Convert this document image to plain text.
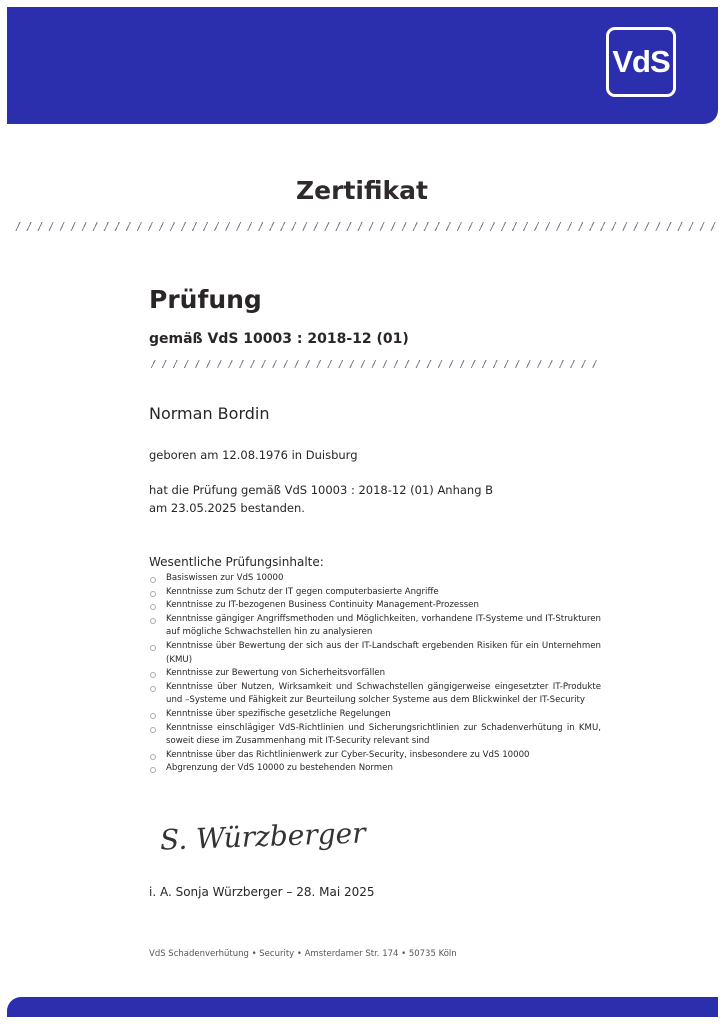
VdS
Zertifikat
Prüfung
gemäß VdS 10003 : 2018-12 (01)
Norman Bordin
geboren am 12.08.1976 in Duisburg
hat die Prüfung gemäß VdS 10003 : 2018-12 (01) Anhang B
am 23.05.2025 bestanden.
Wesentliche Prüfungsinhalte:
Basiswissen zur VdS 10000
Kenntnisse zum Schutz der IT gegen computerbasierte Angriffe
Kenntnisse zu IT-bezogenen Business Continuity Management-Prozessen
Kenntnisse gängiger Angriffsmethoden und Möglichkeiten, vorhandene IT-Systeme und IT-Strukturen auf mögliche Schwachstellen hin zu analysieren
Kenntnisse über Bewertung der sich aus der IT-Landschaft ergebenden Risiken für ein Unternehmen (KMU)
Kenntnisse zur Bewertung von Sicherheitsvorfällen
Kenntnisse über Nutzen, Wirksamkeit und Schwachstellen gängigerweise eingesetzter IT-Produkte und –Systeme und Fähigkeit zur Beurteilung solcher Systeme aus dem Blickwinkel der IT-Security
Kenntnisse über spezifische gesetzliche Regelungen
Kenntnisse einschlägiger VdS-Richtlinien und Sicherungsrichtlinien zur Schadenverhütung in KMU, soweit diese im Zusammenhang mit IT-Security relevant sind
Kenntnisse über das Richtlinienwerk zur Cyber-Security, insbesondere zu VdS 10000
Abgrenzung der VdS 10000 zu bestehenden Normen
S. Würzberger
i. A. Sonja Würzberger – 28. Mai 2025
VdS Schadenverhütung • Security • Amsterdamer Str. 174 • 50735 Köln
